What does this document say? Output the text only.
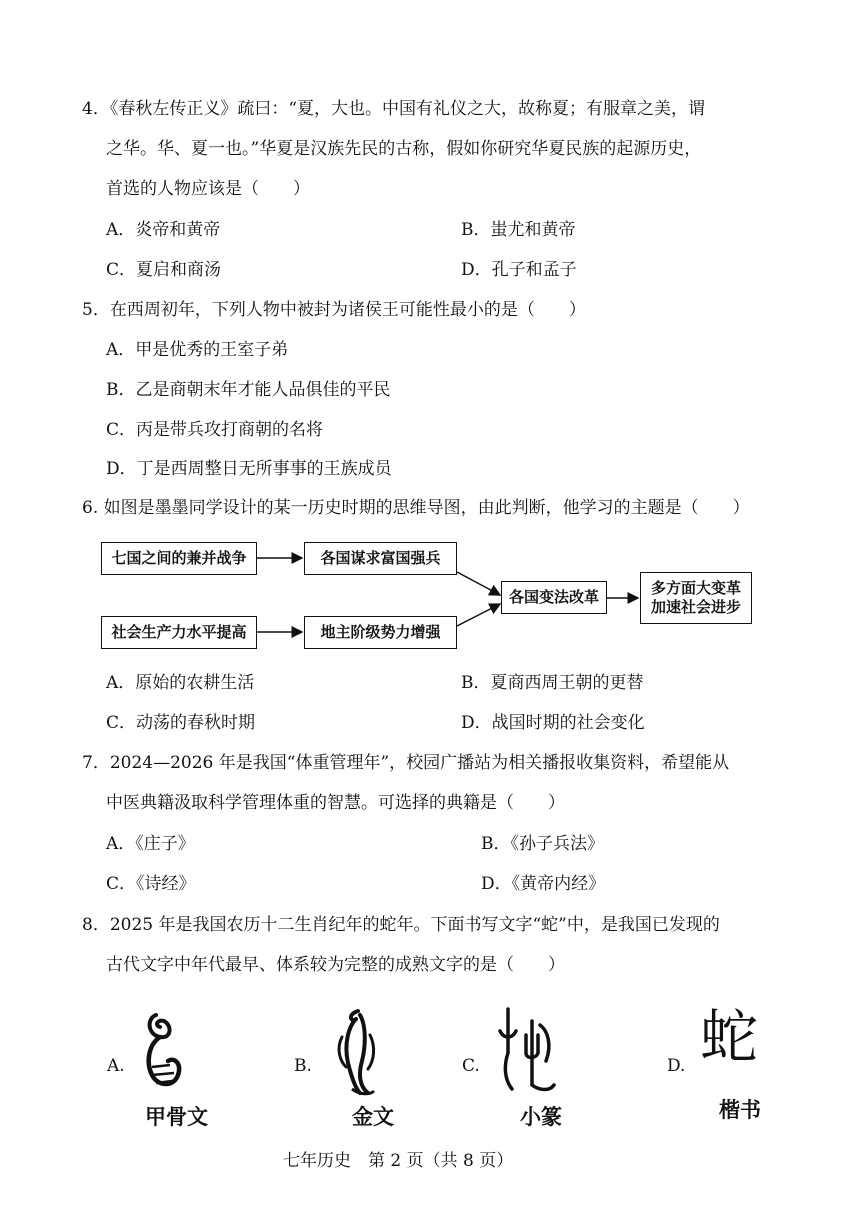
4．《春秋左传正义》疏曰：“夏，大也。中国有礼仪之大，故称夏；有服章之美，谓
之华。华、夏一也。”华夏是汉族先民的古称，假如你研究华夏民族的起源历史，
首选的人物应该是（　　）
A．炎帝和黄帝	B．蚩尤和黄帝
C．夏启和商汤	D．孔子和孟子
5．在西周初年，下列人物中被封为诸侯王可能性最小的是（　　）
A．甲是优秀的王室子弟
B．乙是商朝末年才能人品俱佳的平民
C．丙是带兵攻打商朝的名将
D．丁是西周整日无所事事的王族成员
6. 如图是墨墨同学设计的某一历史时期的思维导图，由此判断，他学习的主题是（　　）
七国之间的兼并战争	各国谋求富国强兵
社会生产力水平提高	地主阶级势力增强
各国变法改革	多方面大变革
加速社会进步
A．原始的农耕生活	B．夏商西周王朝的更替
C．动荡的春秋时期	D．战国时期的社会变化
7．2024—2026 年是我国“体重管理年”，校园广播站为相关播报收集资料，希望能从
中医典籍汲取科学管理体重的智慧。可选择的典籍是（　　）
A．《庄子》	B．《孙子兵法》
C．《诗经》	D．《黄帝内经》
8．2025 年是我国农历十二生肖纪年的蛇年。下面书写文字“蛇”中，是我国已发现的
古代文字中年代最早、体系较为完整的成熟文字的是（　　）
A.
甲骨文
B.
金文
C.
小篆
D. 蛇
楷书
七年历史　第 2 页（共 8 页）
